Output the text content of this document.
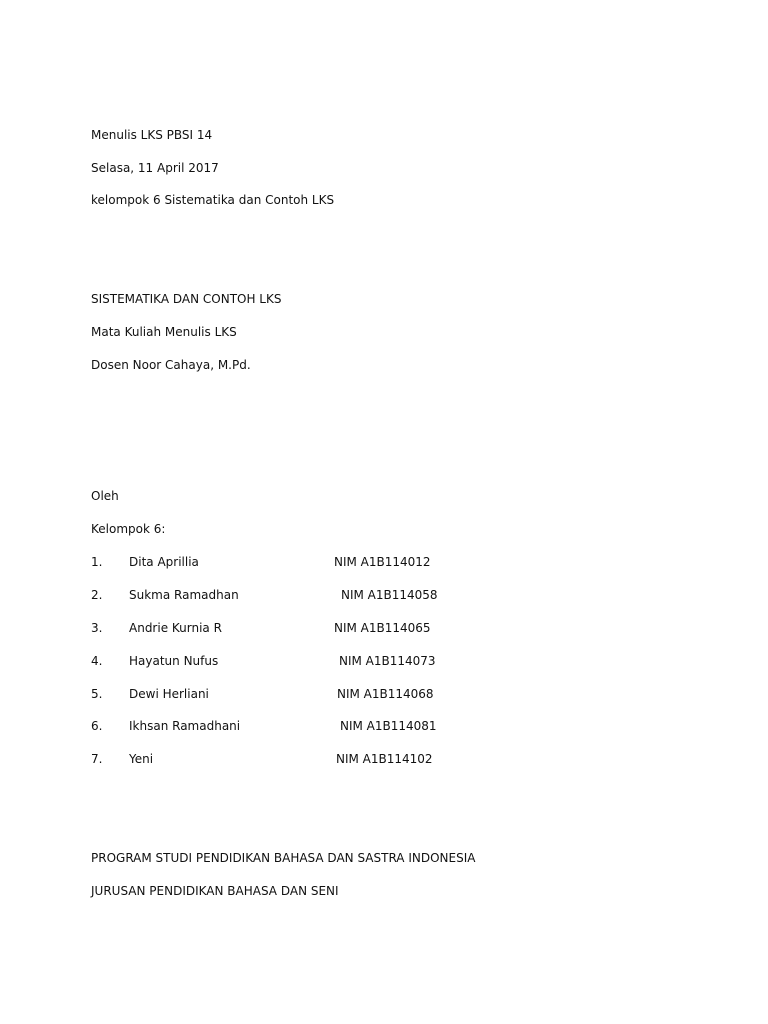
Menulis LKS PBSI 14
Selasa, 11 April 2017
kelompok 6 Sistematika dan Contoh LKS
SISTEMATIKA DAN CONTOH LKS
Mata Kuliah Menulis LKS
Dosen Noor Cahaya, M.Pd.
Oleh
Kelompok 6:
1. Dita Aprillia	NIM A1B114012
2. Sukma Ramadhan	NIM A1B114058
3. Andrie Kurnia R	NIM A1B114065
4. Hayatun Nufus	NIM A1B114073
5. Dewi Herliani	NIM A1B114068
6. Ikhsan Ramadhani	NIM A1B114081
7. Yeni	NIM A1B114102
PROGRAM STUDI PENDIDIKAN BAHASA DAN SASTRA INDONESIA
JURUSAN PENDIDIKAN BAHASA DAN SENI
